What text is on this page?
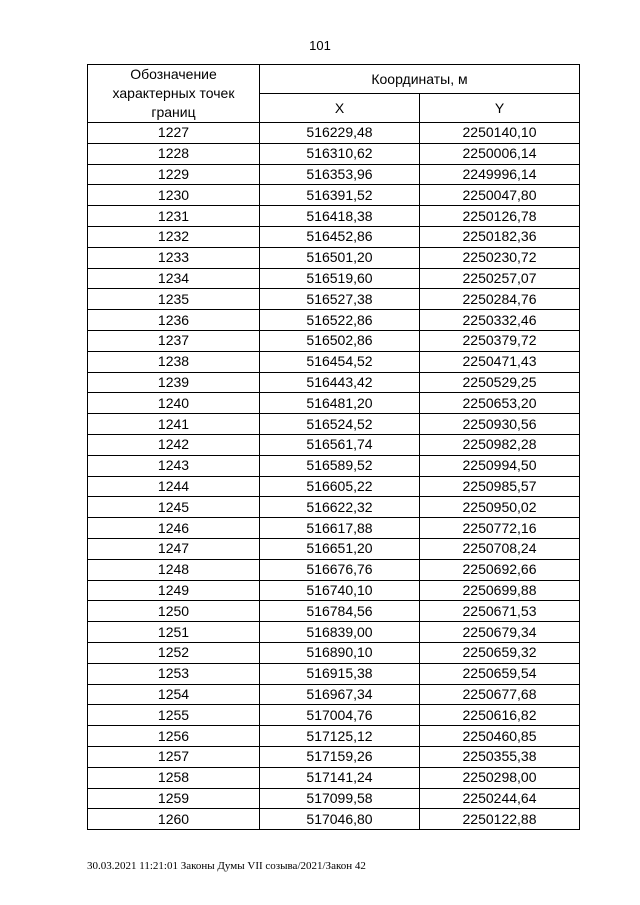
101
Обозначение
характерных точек
границ	Координаты, м	
	X	Y
1227	516229,48	2250140,10
1228	516310,62	2250006,14
1229	516353,96	2249996,14
1230	516391,52	2250047,80
1231	516418,38	2250126,78
1232	516452,86	2250182,36
1233	516501,20	2250230,72
1234	516519,60	2250257,07
1235	516527,38	2250284,76
1236	516522,86	2250332,46
1237	516502,86	2250379,72
1238	516454,52	2250471,43
1239	516443,42	2250529,25
1240	516481,20	2250653,20
1241	516524,52	2250930,56
1242	516561,74	2250982,28
1243	516589,52	2250994,50
1244	516605,22	2250985,57
1245	516622,32	2250950,02
1246	516617,88	2250772,16
1247	516651,20	2250708,24
1248	516676,76	2250692,66
1249	516740,10	2250699,88
1250	516784,56	2250671,53
1251	516839,00	2250679,34
1252	516890,10	2250659,32
1253	516915,38	2250659,54
1254	516967,34	2250677,68
1255	517004,76	2250616,82
1256	517125,12	2250460,85
1257	517159,26	2250355,38
1258	517141,24	2250298,00
1259	517099,58	2250244,64
1260	517046,80	2250122,88
30.03.2021 11:21:01 Законы Думы VII созыва/2021/Закон 42
